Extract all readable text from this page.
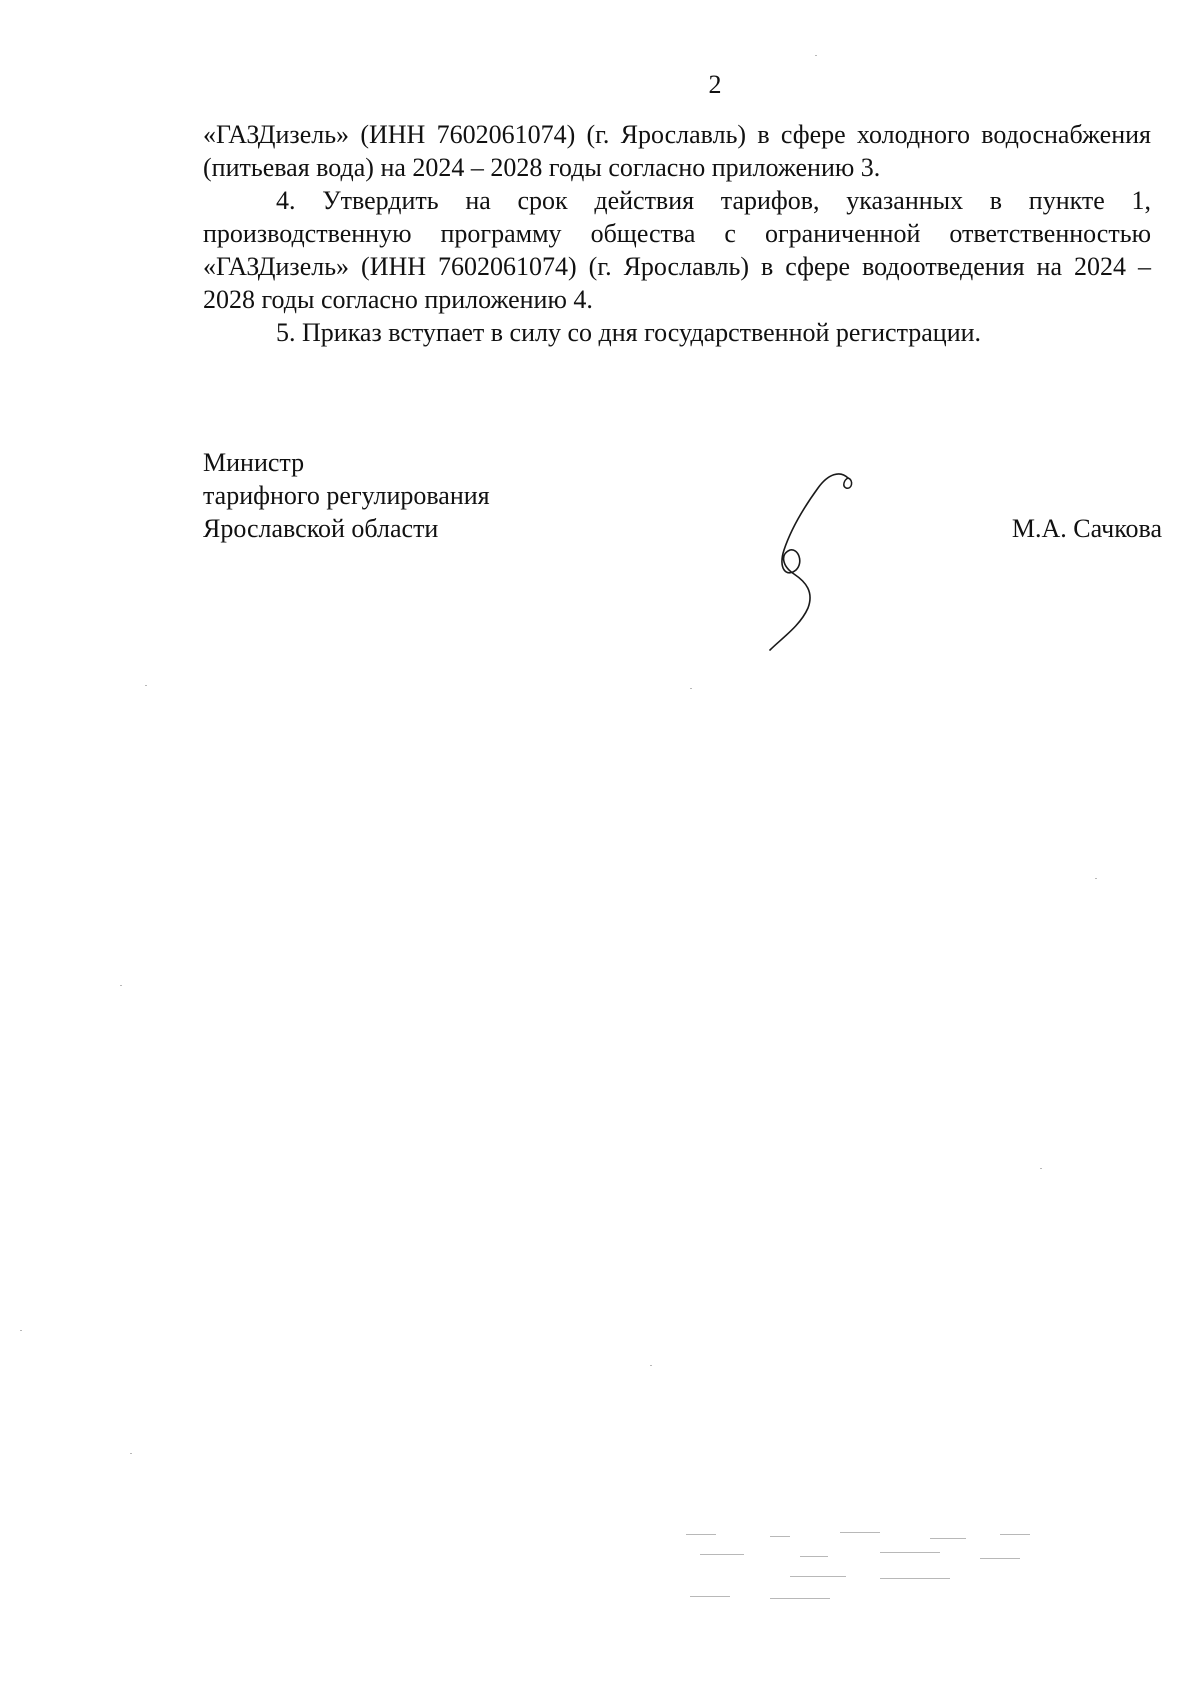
2

«ГАЗДизель» (ИНН 7602061074) (г. Ярославль) в сфере холодного водоснабжения (питьевая вода) на 2024 – 2028 годы согласно приложению 3.

4. Утвердить на срок действия тарифов, указанных в пункте 1, производственную программу общества с ограниченной ответственностью «ГАЗДизель» (ИНН 7602061074) (г. Ярославль) в сфере водоотведения на 2024 – 2028 годы согласно приложению 4.

5. Приказ вступает в силу со дня государственной регистрации.

Министр
тарифного регулирования
Ярославской области	М.А. Сачкова
